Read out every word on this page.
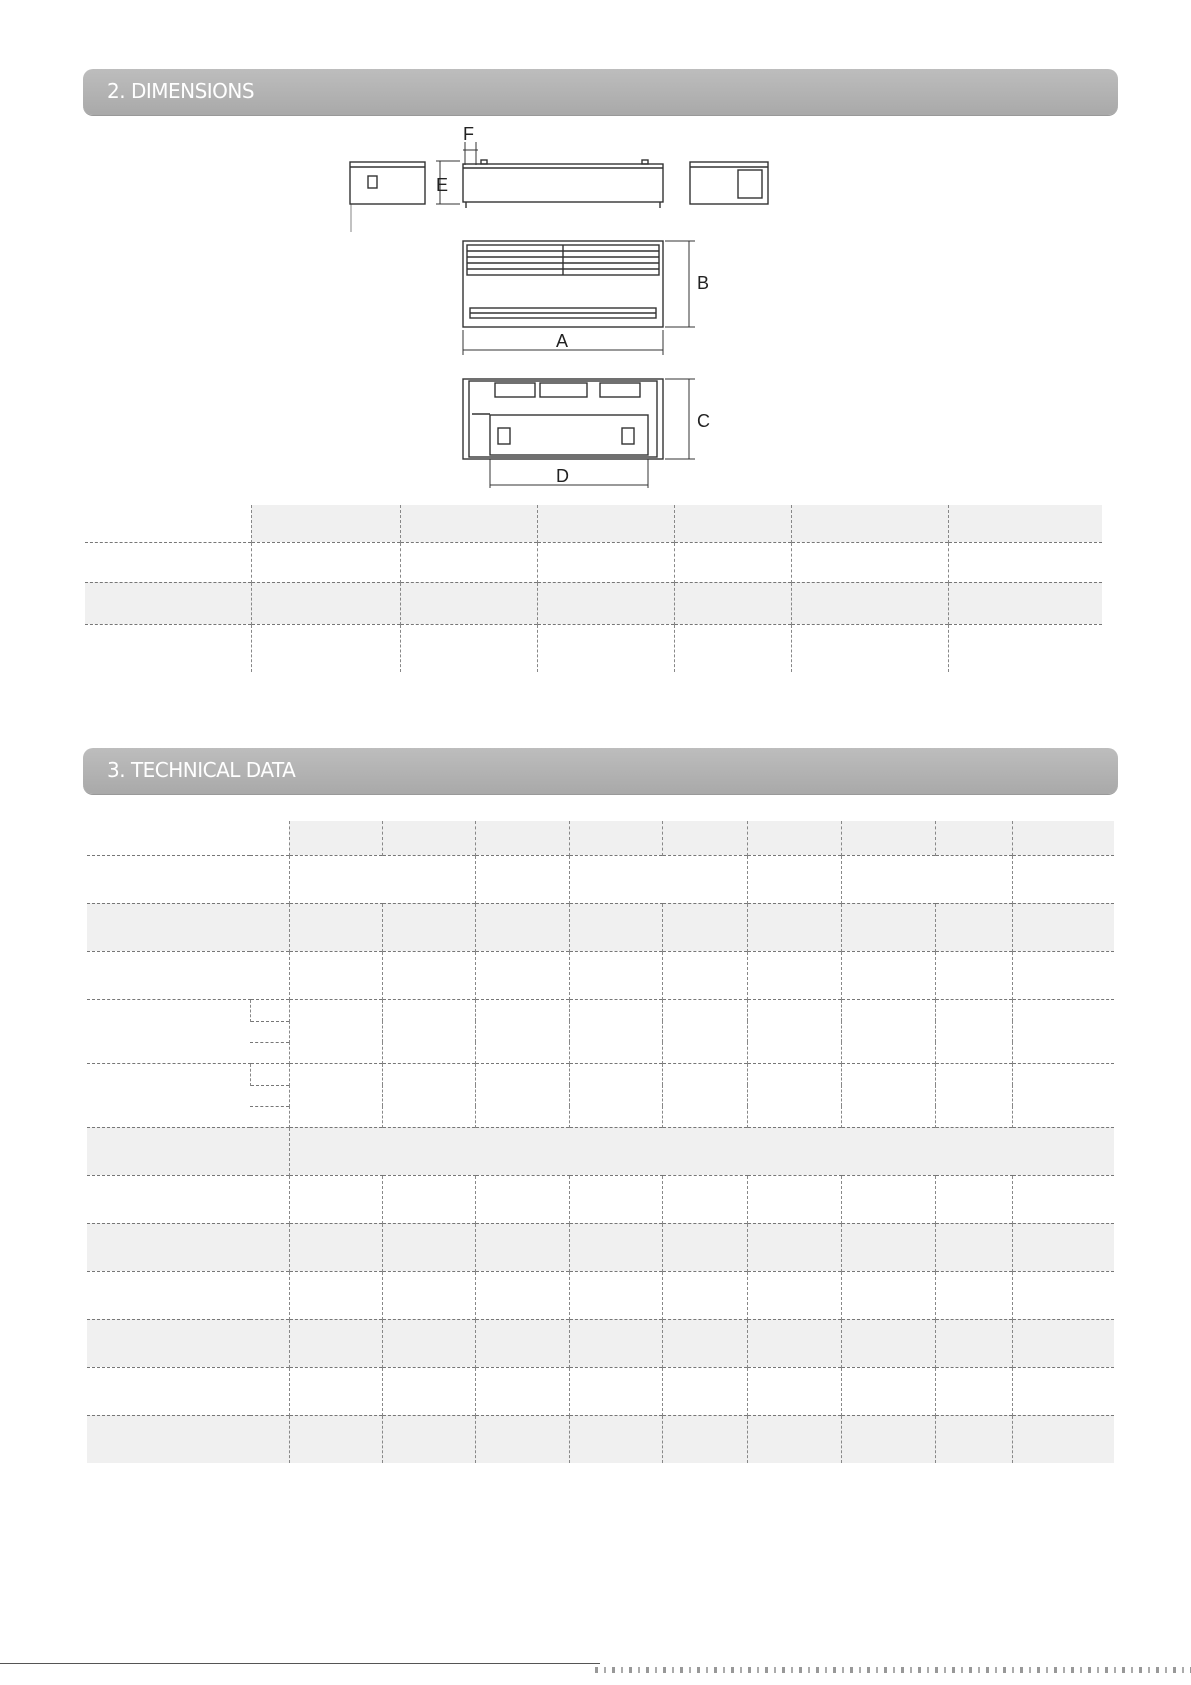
2. DIMENSIONS
F
E
B
A
C
D

3. TECHNICAL DATA
